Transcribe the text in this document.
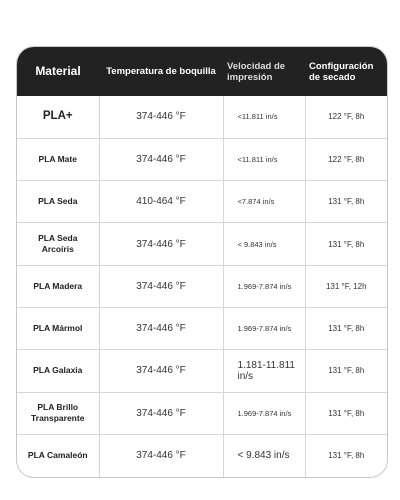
Material	Temperatura de boquilla	Velocidad de impresión	Configuración de secado
PLA+	374-446 °F	<11.811 in/s	122 °F, 8h
PLA Mate	374-446 °F	<11.811 in/s	122 °F, 8h
PLA Seda	410-464 °F	<7.874 in/s	131 °F, 8h
PLA Seda Arcoíris	374-446 °F	< 9.843 in/s	131 °F, 8h
PLA Madera	374-446 °F	1.969-7.874 in/s	131 °F, 12h
PLA Mármol	374-446 °F	1.969-7.874 in/s	131 °F, 8h
PLA Galaxia	374-446 °F	1.181-11.811 in/s	131 °F, 8h
PLA Brillo Transparente	374-446 °F	1.969-7.874 in/s	131 °F, 8h
PLA Camaleón	374-446 °F	< 9.843 in/s	131 °F, 8h
